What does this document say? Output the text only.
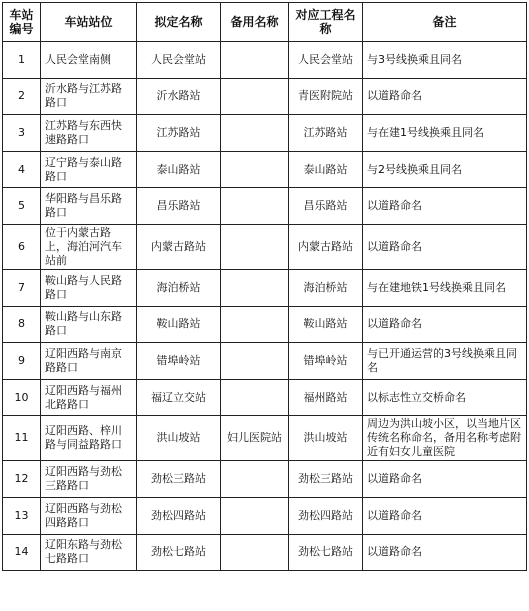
车站编号	车站站位	拟定名称	备用名称	对应工程名称	备注
1	人民会堂南侧	人民会堂站		人民会堂站	与3号线换乘且同名
2	沂水路与江苏路路口	沂水路站		青医附院站	以道路命名
3	江苏路与东西快速路路口	江苏路站		江苏路站	与在建1号线换乘且同名
4	辽宁路与泰山路路口	泰山路站		泰山路站	与2号线换乘且同名
5	华阳路与昌乐路路口	昌乐路站		昌乐路站	以道路命名
6	位于内蒙古路上，海泊河汽车站前	内蒙古路站		内蒙古路站	以道路命名
7	鞍山路与人民路路口	海泊桥站		海泊桥站	与在建地铁1号线换乘且同名
8	鞍山路与山东路路口	鞍山路站		鞍山路站	以道路命名
9	辽阳西路与南京路路口	错埠岭站		错埠岭站	与已开通运营的3号线换乘且同名
10	辽阳西路与福州北路路口	福辽立交站		福州路站	以标志性立交桥命名
11	辽阳西路、梓川路与同益路路口	洪山坡站	妇儿医院站	洪山坡站	周边为洪山坡小区，以当地片区传统名称命名，备用名称考虑附近有妇女儿童医院
12	辽阳西路与劲松三路路口	劲松三路站		劲松三路站	以道路命名
13	辽阳西路与劲松四路路口	劲松四路站		劲松四路站	以道路命名
14	辽阳东路与劲松七路路口	劲松七路站		劲松七路站	以道路命名
